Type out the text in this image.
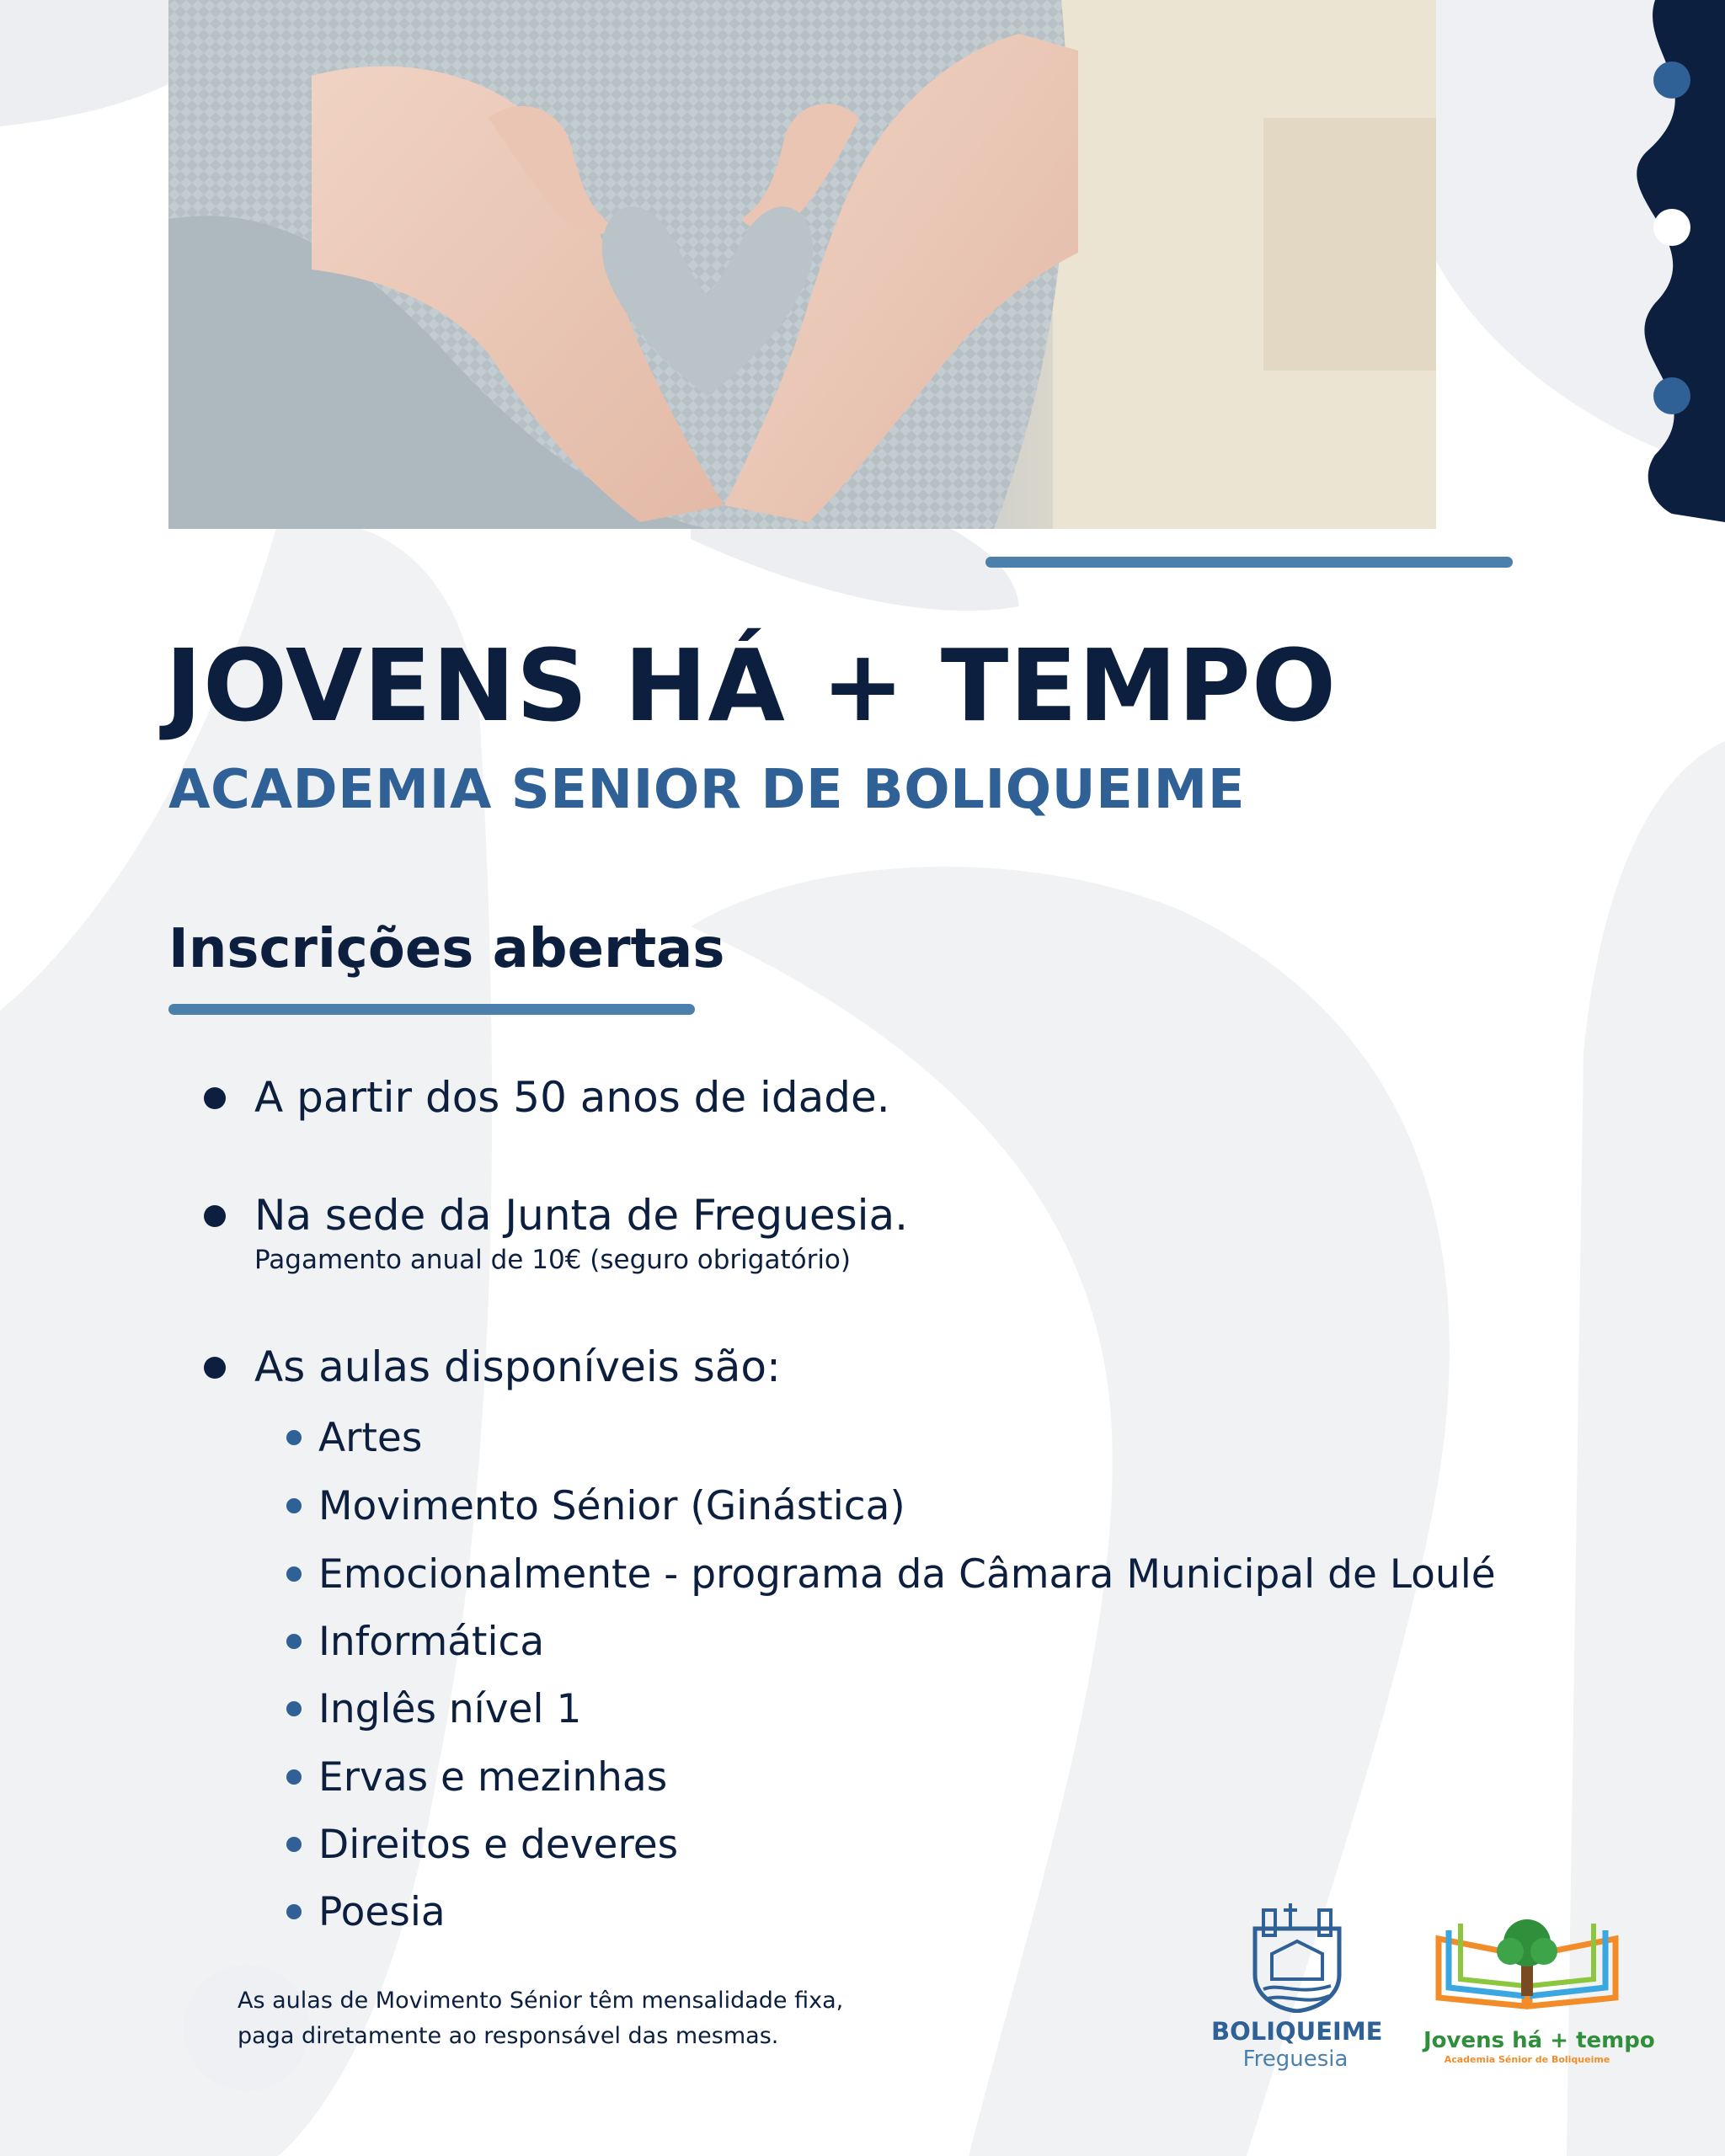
JOVENS HÁ + TEMPO
ACADEMIA SENIOR DE BOLIQUEIME
Inscrições abertas
A partir dos 50 anos de idade.
Na sede da Junta de Freguesia.
Pagamento anual de 10€ (seguro obrigatório)
As aulas disponíveis são:
Artes
Movimento Sénior (Ginástica)
Emocionalmente - programa da Câmara Municipal de Loulé
Informática
Inglês nível 1
Ervas e mezinhas
Direitos e deveres
Poesia
As aulas de Movimento Sénior têm mensalidade fixa,
paga diretamente ao responsável das mesmas.	BOLIQUEIME
Freguesia
Jovens há + tempo
Academia Sénior de Boliqueime
